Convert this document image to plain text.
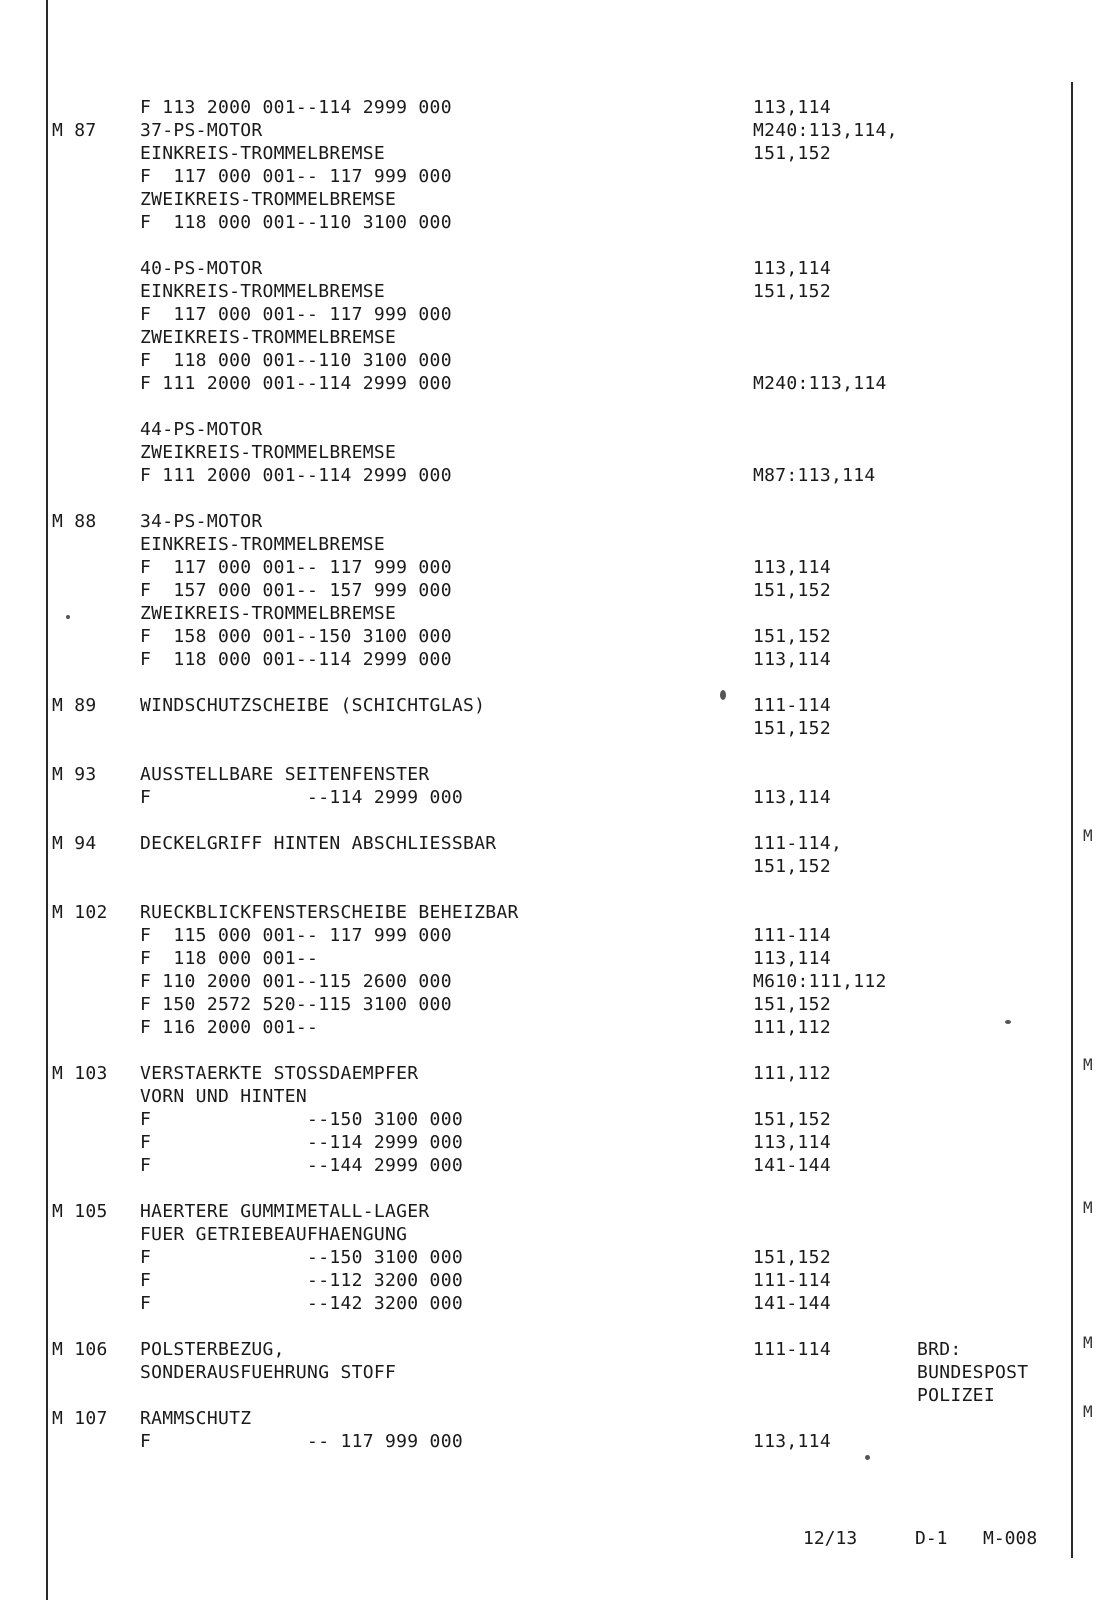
F 113 2000 001--114 2999 000	113,114
M 87 37-PS-MOTOR	M240:113,114,
EINKREIS-TROMMELBREMSE	151,152
F  117 000 001-- 117 999 000
ZWEIKREIS-TROMMELBREMSE
F  118 000 001--110 3100 000
40-PS-MOTOR	113,114
EINKREIS-TROMMELBREMSE	151,152
F  117 000 001-- 117 999 000
ZWEIKREIS-TROMMELBREMSE
F  118 000 001--110 3100 000
F 111 2000 001--114 2999 000	M240:113,114
44-PS-MOTOR
ZWEIKREIS-TROMMELBREMSE
F 111 2000 001--114 2999 000	M87:113,114
M 88 34-PS-MOTOR
EINKREIS-TROMMELBREMSE
F  117 000 001-- 117 999 000	113,114
F  157 000 001-- 157 999 000	151,152
ZWEIKREIS-TROMMELBREMSE
F  158 000 001--150 3100 000	151,152
F  118 000 001--114 2999 000	113,114
M 89 WINDSCHUTZSCHEIBE (SCHICHTGLAS)	111-114
151,152
M 93 AUSSTELLBARE SEITENFENSTER
F              --114 2999 000	113,114
M 94 DECKELGRIFF HINTEN ABSCHLIESSBAR	111-114,
151,152
M 102 RUECKBLICKFENSTERSCHEIBE BEHEIZBAR
F  115 000 001-- 117 999 000	111-114
F  118 000 001--	113,114
F 110 2000 001--115 2600 000	M610:111,112
F 150 2572 520--115 3100 000	151,152
F 116 2000 001--	111,112
M 103 VERSTAERKTE STOSSDAEMPFER	111,112
VORN UND HINTEN
F              --150 3100 000	151,152
F              --114 2999 000	113,114
F              --144 2999 000	141-144
M 105 HAERTERE GUMMIMETALL-LAGER
FUER GETRIEBEAUFHAENGUNG
F              --150 3100 000	151,152
F              --112 3200 000	111-114
F              --142 3200 000	141-144
M 106 POLSTERBEZUG,	111-114	BRD:
SONDERAUSFUEHRUNG STOFF	BUNDESPOST
POLIZEI
M 107 RAMMSCHUTZ
F              -- 117 999 000	113,114
12/13	D-1 M-008
M
M
M
M
M
